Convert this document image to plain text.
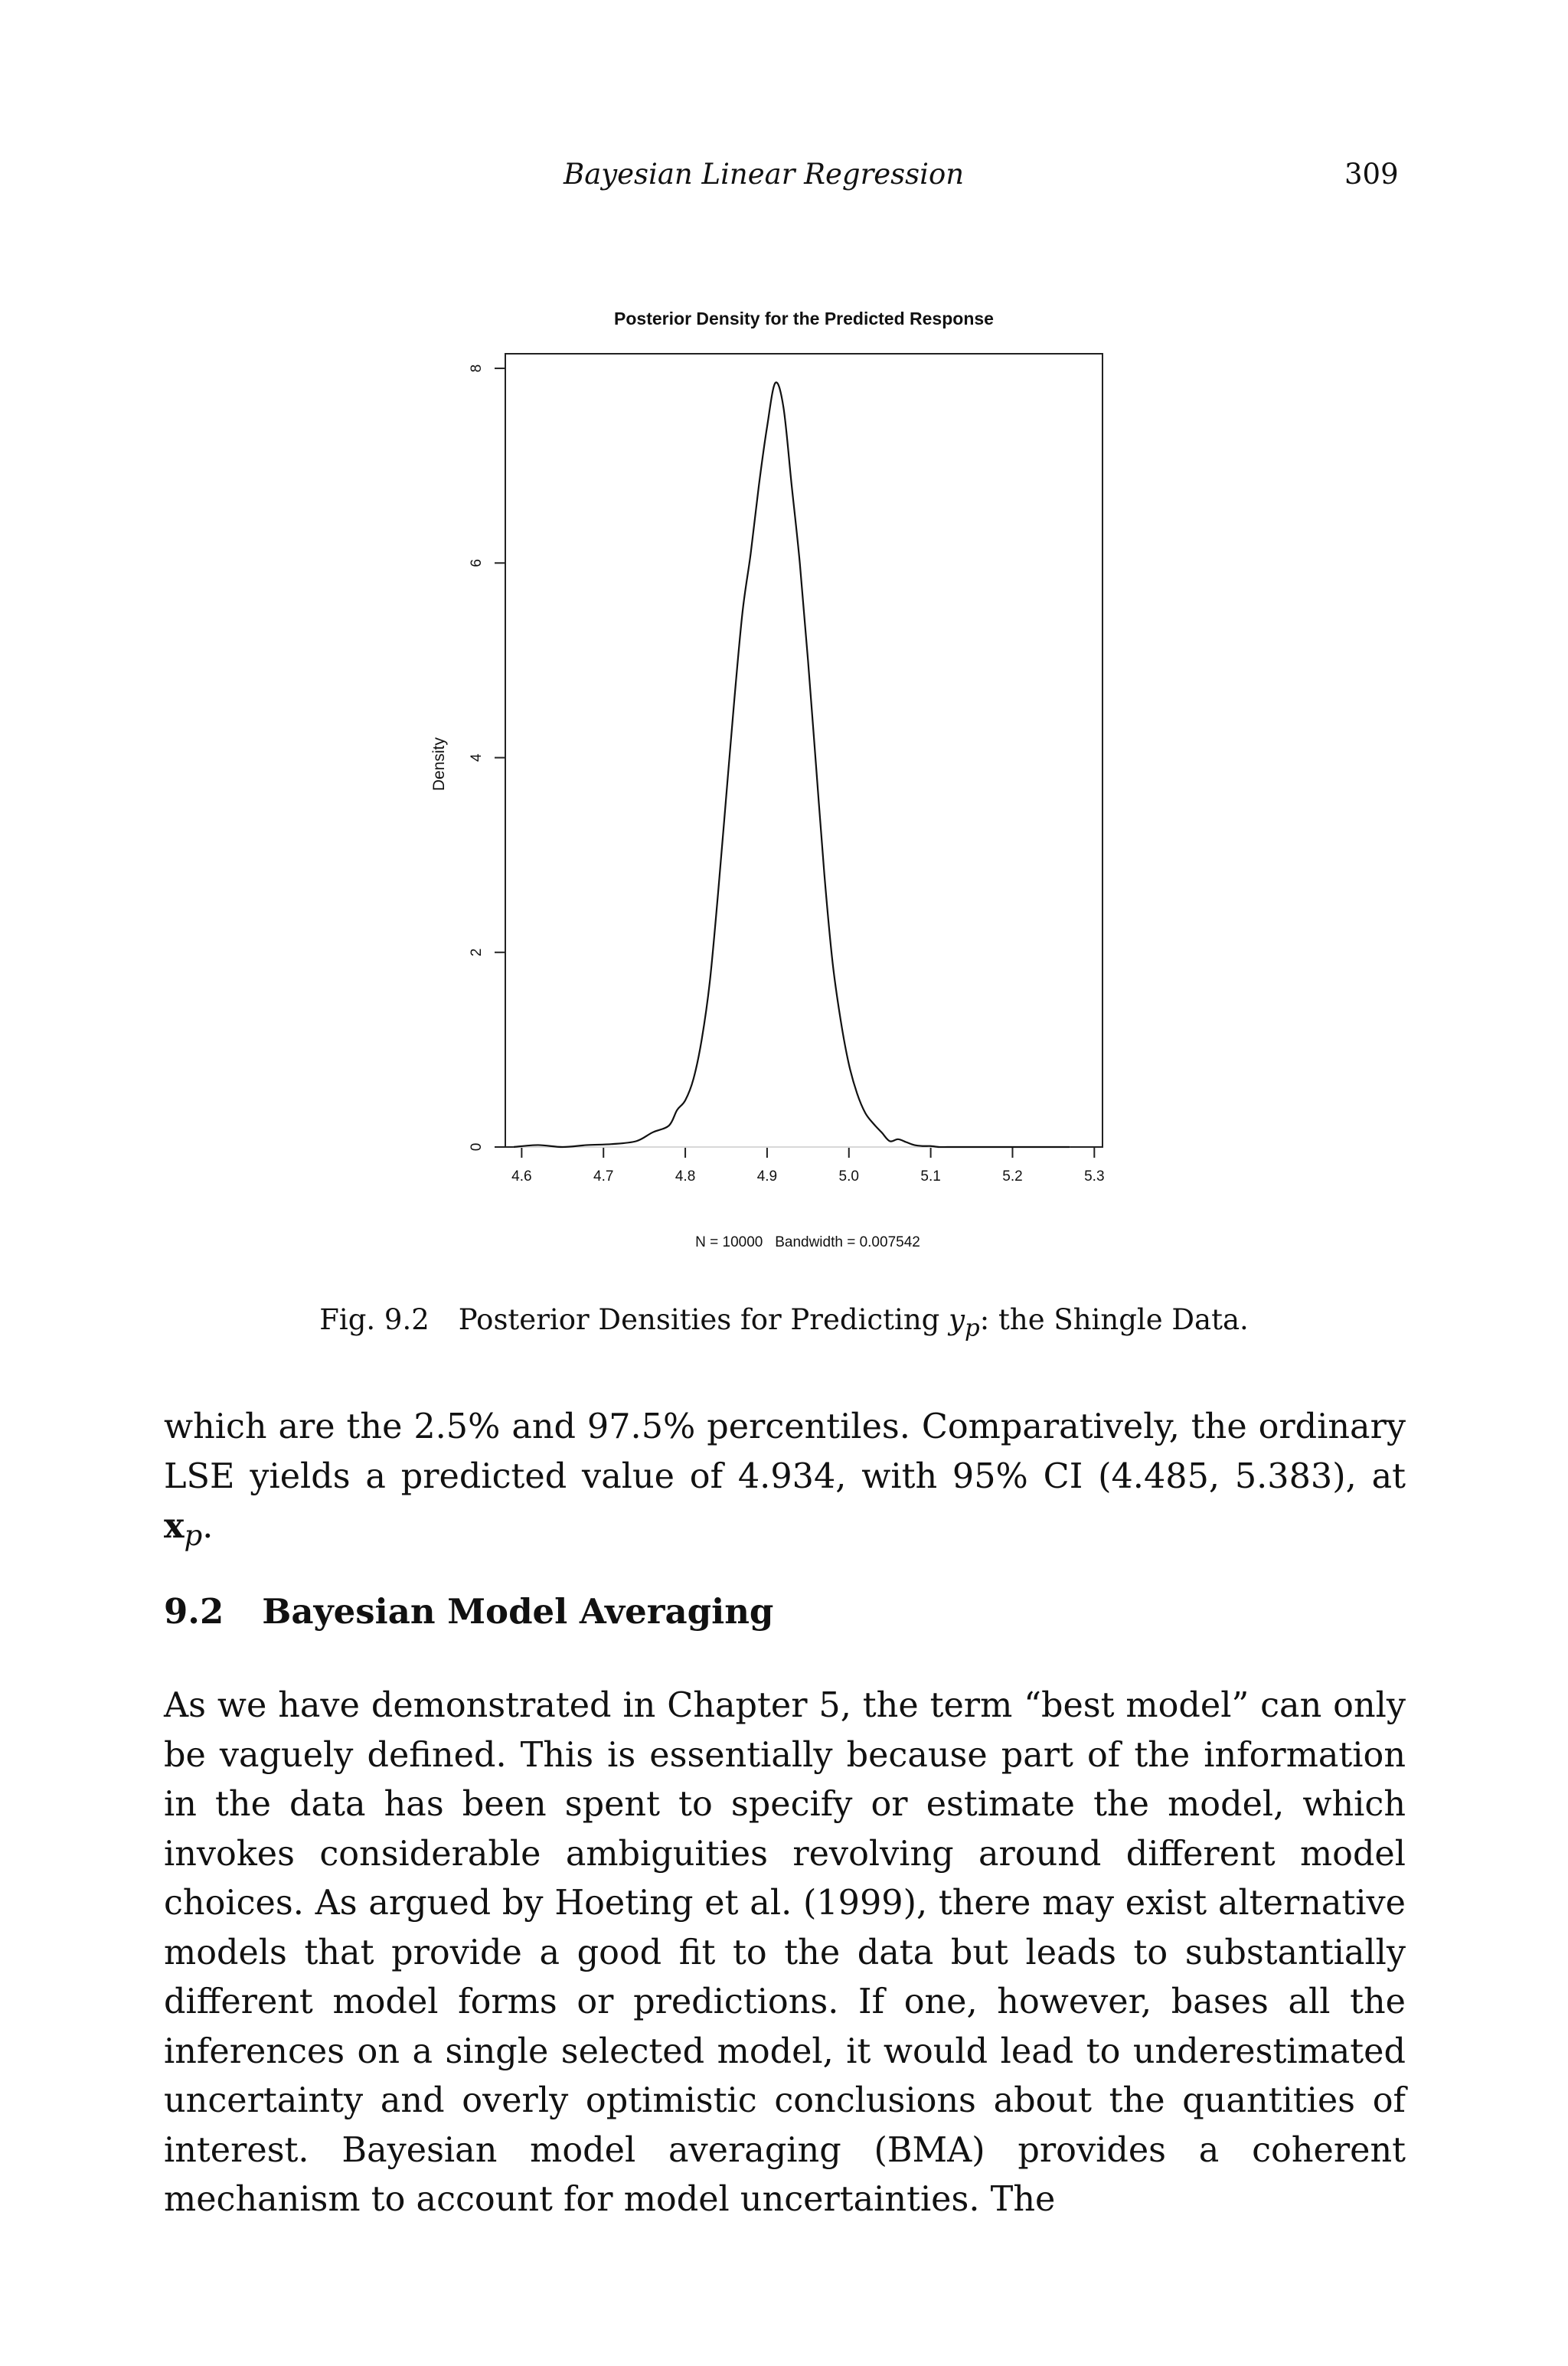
Bayesian Linear Regression	309
Posterior Density for the Predicted Response
0
2
4
6
8
4.6	4.7	4.8	4.9	5.0	5.1	5.2	5.3
Density
N = 10000   Bandwidth = 0.007542
Fig. 9.2 Posterior Densities for Predicting $y_p$: the Shingle Data.
which are the 2.5% and 97.5% percentiles. Comparatively, the ordinary
LSE yields a predicted value of 4.934, with 95% CI (4.485, 5.383), at $x_p$.
9.2 Bayesian Model Averaging
As we have demonstrated in Chapter 5, the term “best model” can only be vaguely defined. This is essentially because part of the information in the data has been spent to specify or estimate the model, which invokes considerable ambiguities revolving around different model choices. As argued by Hoeting et al. (1999), there may exist alternative models that provide a good fit to the data but leads to substantially different model forms or predictions. If one, however, bases all the inferences on a single selected model, it would lead to underestimated uncertainty and overly optimistic conclusions about the quantities of interest. Bayesian model averaging (BMA) provides a coherent mechanism to account for model uncertainties. The
